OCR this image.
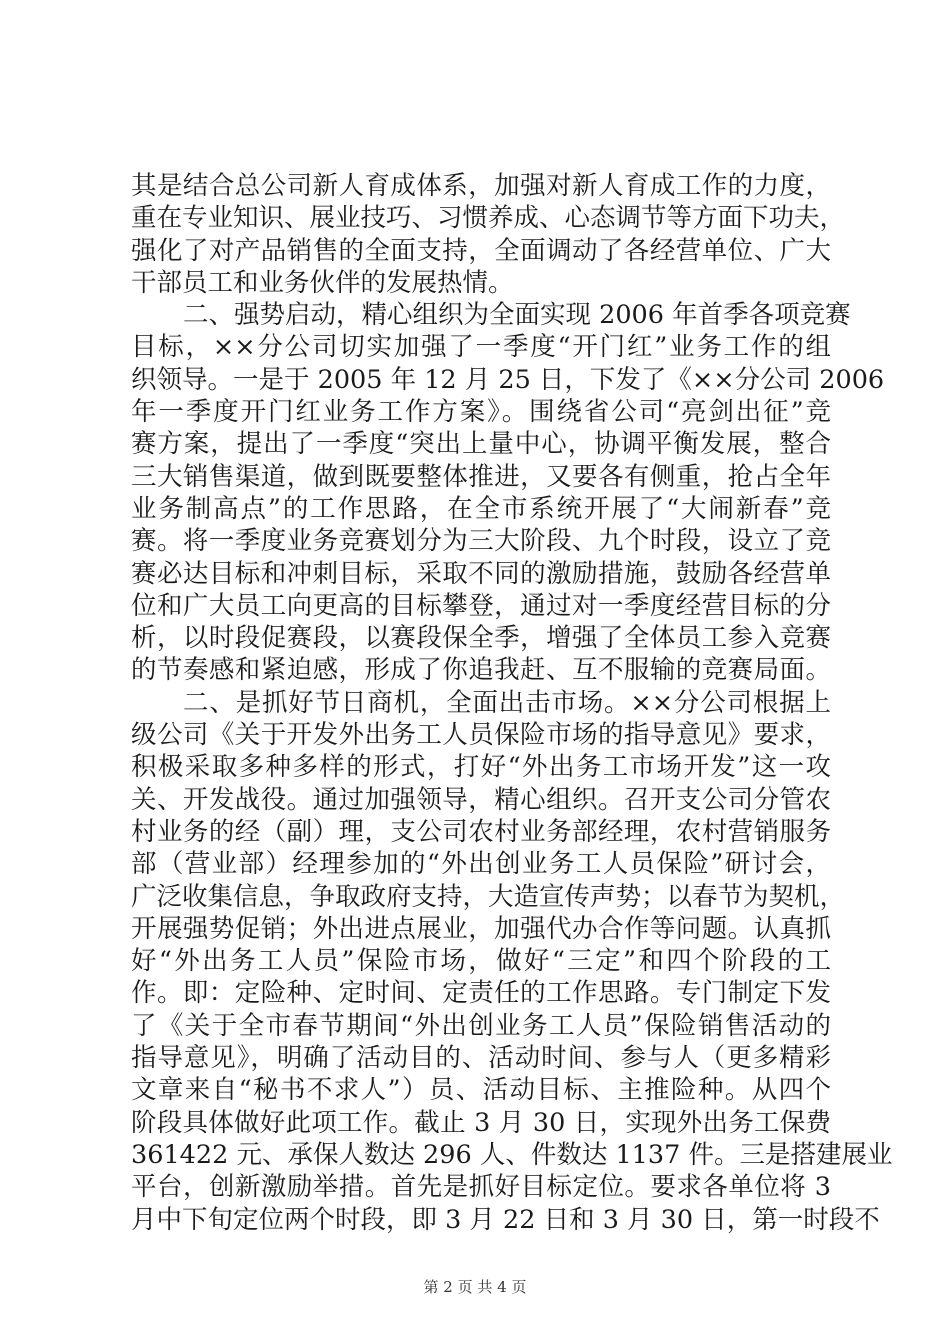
其是结合总公司新人育成体系，加强对新人育成工作的力度，
重在专业知识、展业技巧、习惯养成、心态调节等方面下功夫，
强化了对产品销售的全面支持，全面调动了各经营单位、广大
干部员工和业务伙伴的发展热情。
二、强势启动，精心组织为全面实现 2006 年首季各项竞赛
目标，××分公司切实加强了一季度“开门红”业务工作的组
织领导。一是于 2005 年 12 月 25 日，下发了《××分公司 2006
年一季度开门红业务工作方案》。围绕省公司“亮剑出征”竞
赛方案，提出了一季度“突出上量中心，协调平衡发展，整合
三大销售渠道，做到既要整体推进，又要各有侧重，抢占全年
业务制高点”的工作思路，在全市系统开展了“大闹新春”竞
赛。将一季度业务竞赛划分为三大阶段、九个时段，设立了竞
赛必达目标和冲刺目标，采取不同的激励措施，鼓励各经营单
位和广大员工向更高的目标攀登，通过对一季度经营目标的分
析，以时段促赛段，以赛段保全季，增强了全体员工参入竞赛
的节奏感和紧迫感，形成了你追我赶、互不服输的竞赛局面。
二、是抓好节日商机，全面出击市场。××分公司根据上
级公司《关于开发外出务工人员保险市场的指导意见》要求，
积极采取多种多样的形式，打好“外出务工市场开发”这一攻
关、开发战役。通过加强领导，精心组织。召开支公司分管农
村业务的经（副）理，支公司农村业务部经理，农村营销服务
部（营业部）经理参加的“外出创业务工人员保险”研讨会，
广泛收集信息，争取政府支持，大造宣传声势；以春节为契机，
开展强势促销；外出进点展业，加强代办合作等问题。认真抓
好“外出务工人员”保险市场，做好“三定”和四个阶段的工
作。即：定险种、定时间、定责任的工作思路。专门制定下发
了《关于全市春节期间“外出创业务工人员”保险销售活动的
指导意见》，明确了活动目的、活动时间、参与人（更多精彩
文章来自“秘书不求人”）员、活动目标、主推险种。从四个
阶段具体做好此项工作。截止 3 月 30 日，实现外出务工保费
361422 元、承保人数达 296 人、件数达 1137 件。三是搭建展业
平台，创新激励举措。首先是抓好目标定位。要求各单位将 3
月中下旬定位两个时段，即 3 月 22 日和 3 月 30 日，第一时段不
第 2 页 共 4 页
